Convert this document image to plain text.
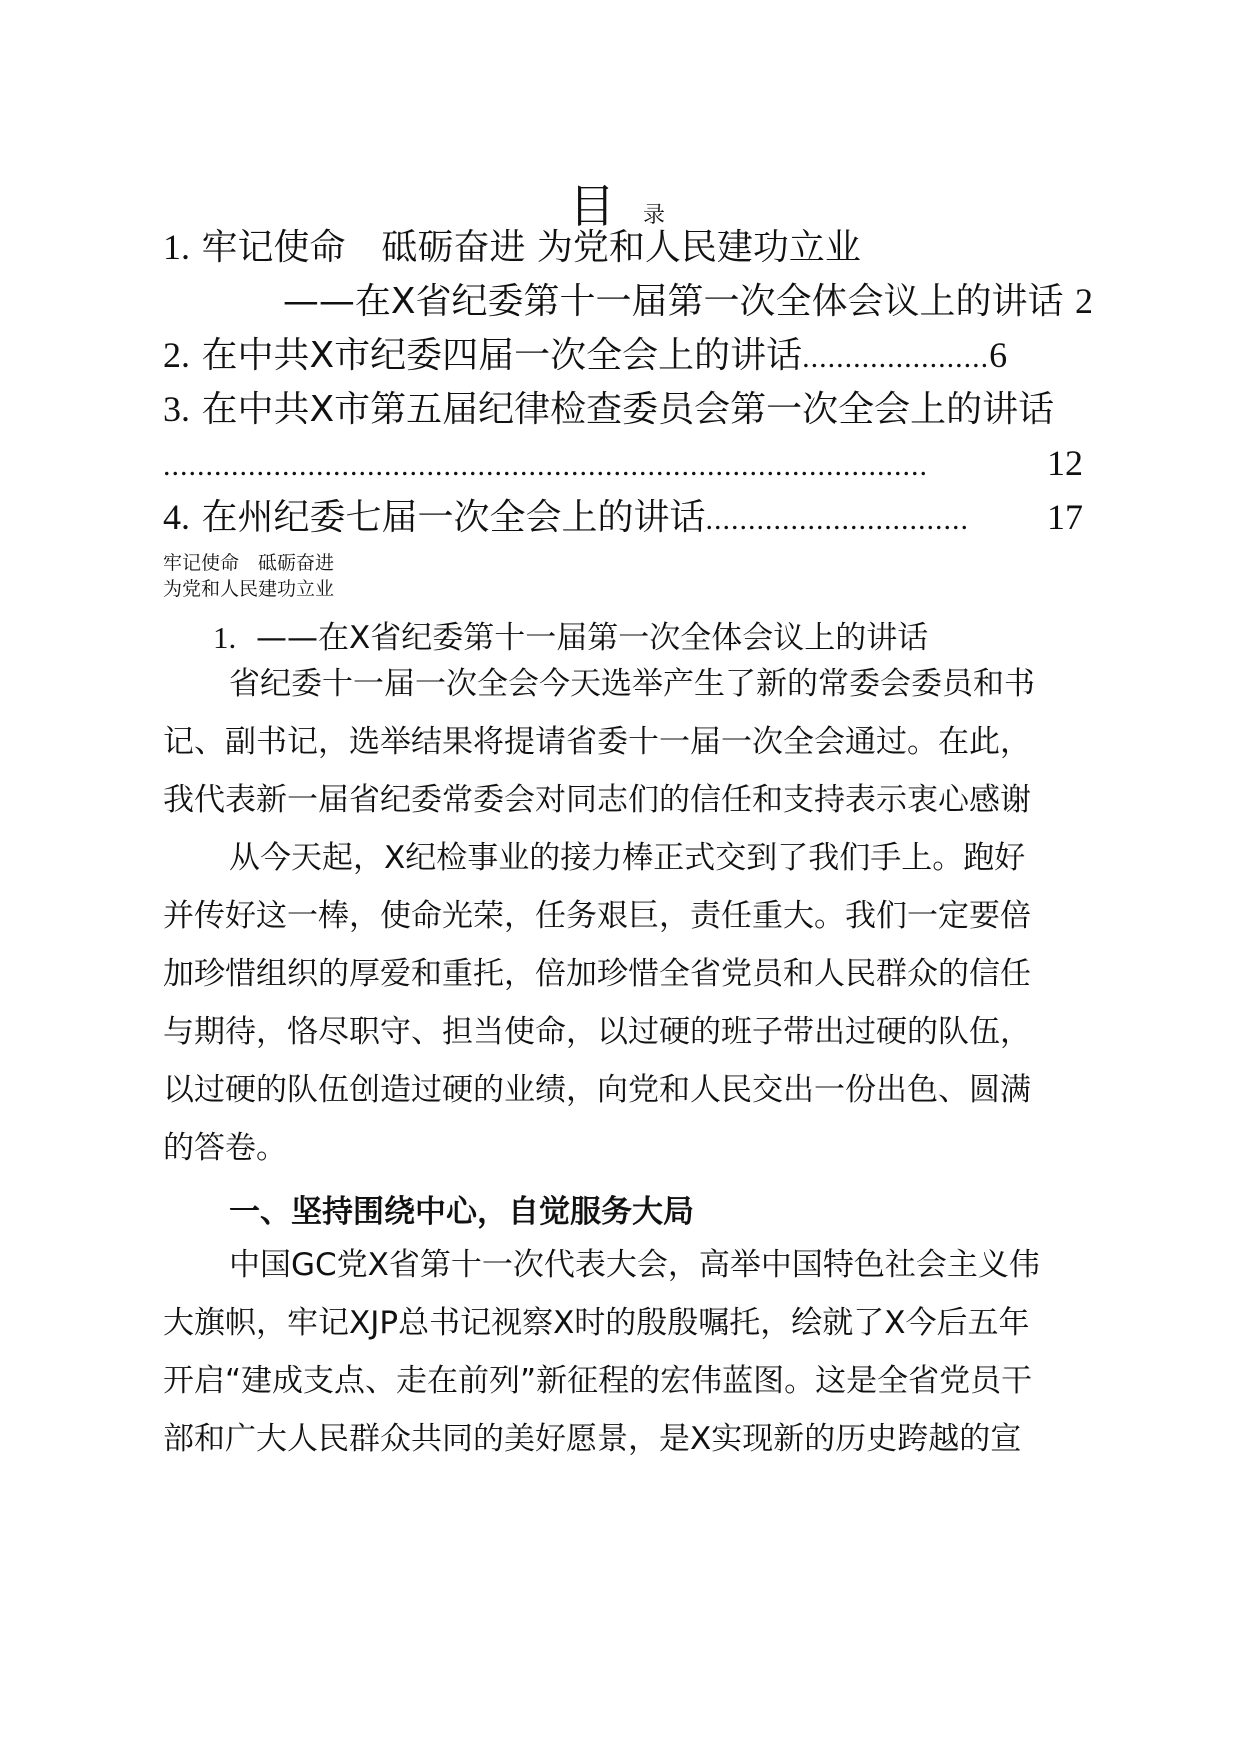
目 录
1. 牢记使命　砥砺奋进 为党和人民建功立业
——在X省纪委第十一届第一次全体会议上的讲话 2
2. 在中共X市纪委四届一次全会上的讲话 ...................... 6
3. 在中共X市第五届纪律检查委员会第一次全会上的讲话
..........................................................................................	12
4. 在州纪委七届一次全会上的讲话 ...............................	17
牢记使命　砥砺奋进
为党和人民建功立业
1. ——在X省纪委第十一届第一次全体会议上的讲话
省纪委十一届一次全会今天选举产生了新的常委会委员和书
记、副书记，选举结果将提请省委十一届一次全会通过。在此，
我代表新一届省纪委常委会对同志们的信任和支持表示衷心感谢
从今天起，X纪检事业的接力棒正式交到了我们手上。跑好
并传好这一棒，使命光荣，任务艰巨，责任重大。我们一定要倍
加珍惜组织的厚爱和重托，倍加珍惜全省党员和人民群众的信任
与期待，恪尽职守、担当使命，以过硬的班子带出过硬的队伍，
以过硬的队伍创造过硬的业绩，向党和人民交出一份出色、圆满
的答卷。
一、坚持围绕中心，自觉服务大局
中国GC党X省第十一次代表大会，高举中国特色社会主义伟
大旗帜，牢记XJP总书记视察X时的殷殷嘱托，绘就了X今后五年
开启“建成支点、走在前列”新征程的宏伟蓝图。这是全省党员干
部和广大人民群众共同的美好愿景，是X实现新的历史跨越的宣
